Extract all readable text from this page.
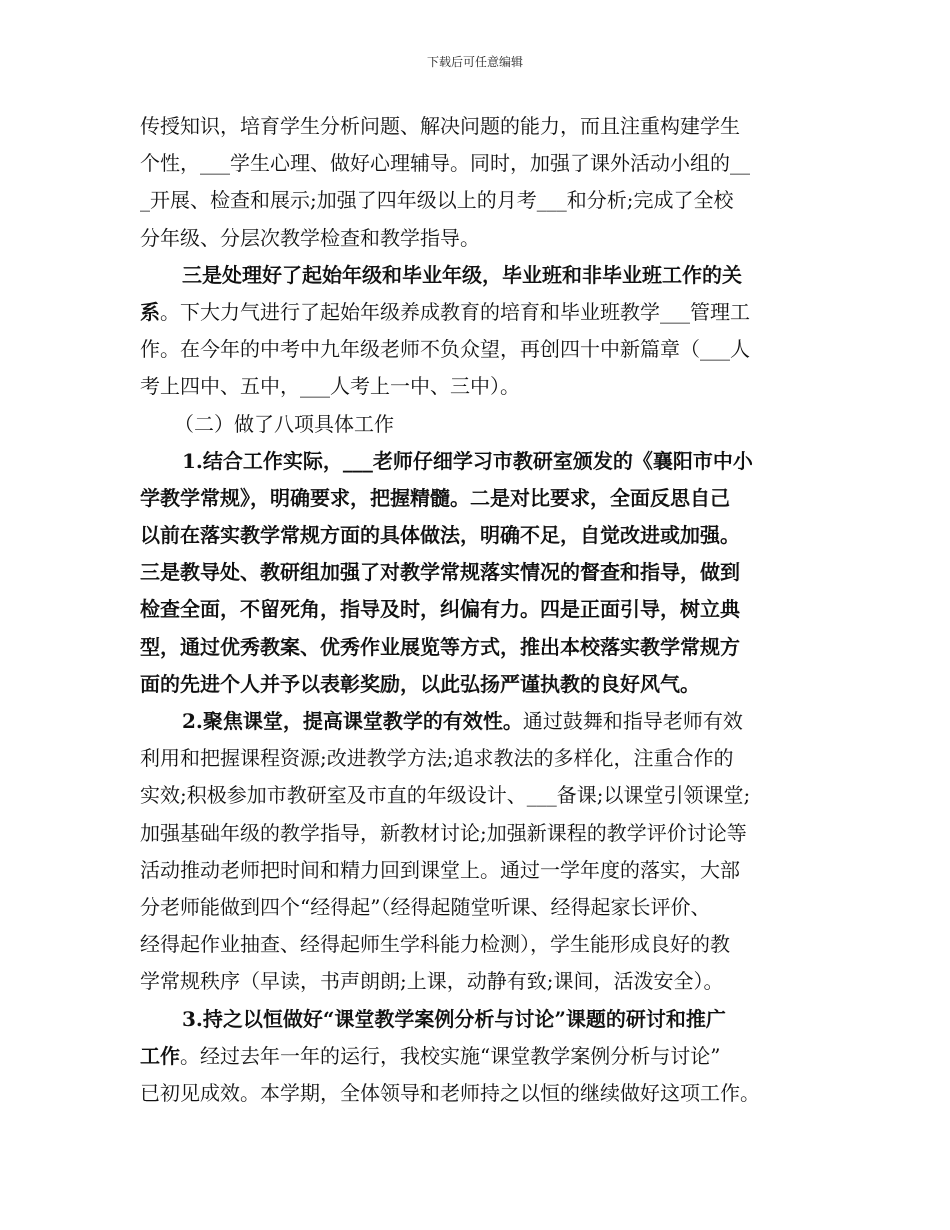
下载后可任意编辑
传授知识，培育学生分析问题、解决问题的能力，而且注重构建学生
个性，___学生心理、做好心理辅导。同时，加强了课外活动小组的__
_开展、检查和展示;加强了四年级以上的月考___和分析;完成了全校
分年级、分层次教学检查和教学指导。
三是处理好了起始年级和毕业年级，毕业班和非毕业班工作的关
系。下大力气进行了起始年级养成教育的培育和毕业班教学___管理工
作。在今年的中考中九年级老师不负众望，再创四十中新篇章（___人
考上四中、五中，___人考上一中、三中）。
（二）做了八项具体工作
1.结合工作实际，___老师仔细学习市教研室颁发的《襄阳市中小
学教学常规》，明确要求，把握精髓。二是对比要求，全面反思自己
以前在落实教学常规方面的具体做法，明确不足，自觉改进或加强。
三是教导处、教研组加强了对教学常规落实情况的督查和指导，做到
检查全面，不留死角，指导及时，纠偏有力。四是正面引导，树立典
型，通过优秀教案、优秀作业展览等方式，推出本校落实教学常规方
面的先进个人并予以表彰奖励，以此弘扬严谨执教的良好风气。
2.聚焦课堂，提高课堂教学的有效性。通过鼓舞和指导老师有效
利用和把握课程资源;改进教学方法;追求教法的多样化，注重合作的
实效;积极参加市教研室及市直的年级设计、___备课;以课堂引领课堂;
加强基础年级的教学指导，新教材讨论;加强新课程的教学评价讨论等
活动推动老师把时间和精力回到课堂上。通过一学年度的落实，大部
分老师能做到四个“经得起”（经得起随堂听课、经得起家长评价、
经得起作业抽查、经得起师生学科能力检测），学生能形成良好的教
学常规秩序（早读，书声朗朗;上课，动静有致;课间，活泼安全）。
3.持之以恒做好“课堂教学案例分析与讨论”课题的研讨和推广
工作。经过去年一年的运行，我校实施“课堂教学案例分析与讨论”
已初见成效。本学期，全体领导和老师持之以恒的继续做好这项工作。
